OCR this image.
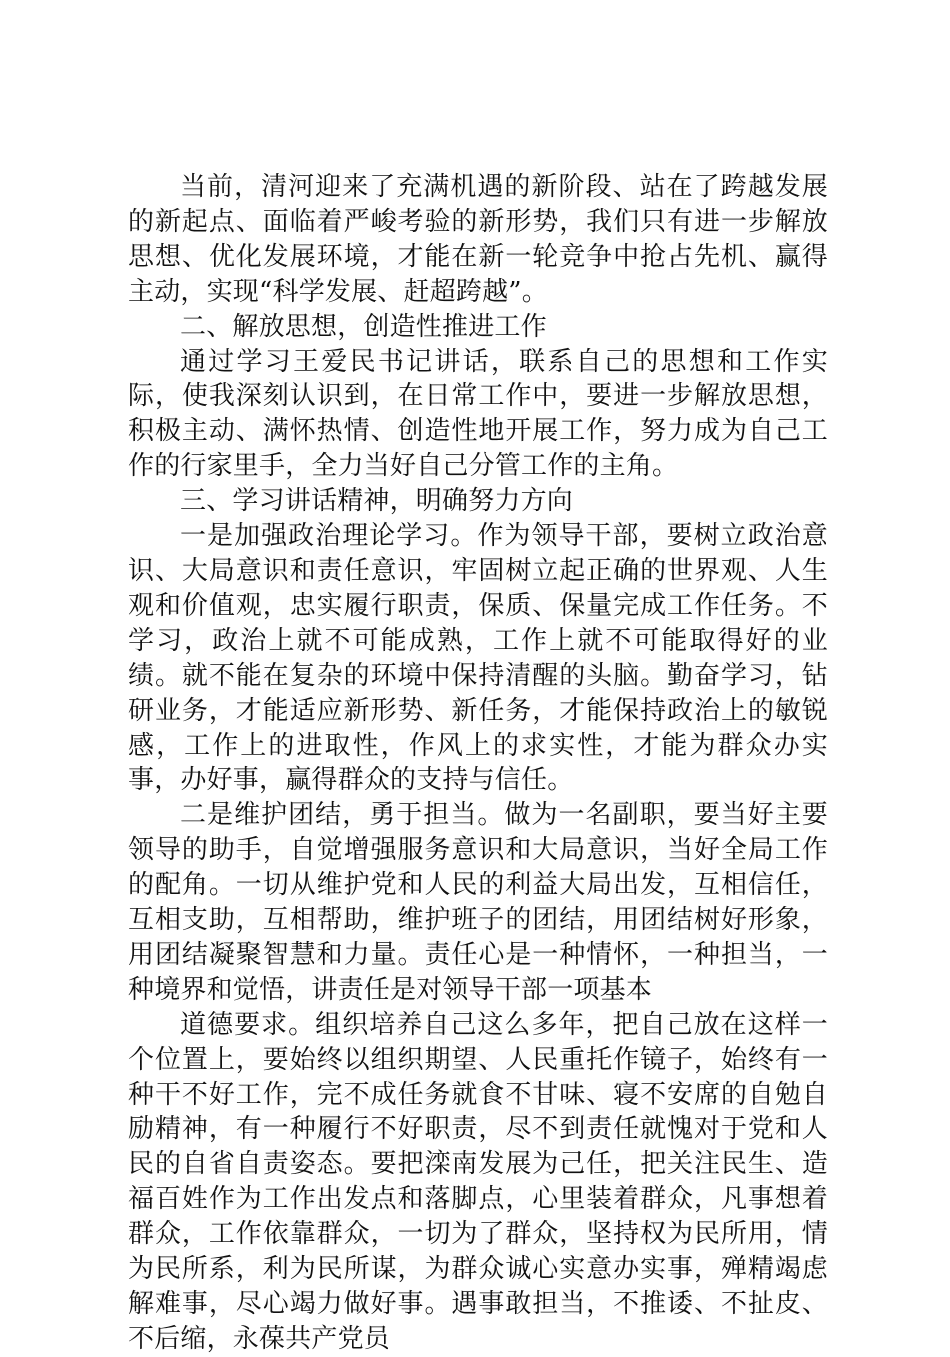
当前，清河迎来了充满机遇的新阶段、站在了跨越发展的新起点、面临着严峻考验的新形势，我们只有进一步解放思想、优化发展环境，才能在新一轮竞争中抢占先机、赢得主动，实现“科学发展、赶超跨越”。

二、解放思想，创造性推进工作

通过学习王爱民书记讲话，联系自己的思想和工作实际，使我深刻认识到，在日常工作中，要进一步解放思想，积极主动、满怀热情、创造性地开展工作，努力成为自己工作的行家里手，全力当好自己分管工作的主角。

三、学习讲话精神，明确努力方向

一是加强政治理论学习。作为领导干部，要树立政治意识、大局意识和责任意识，牢固树立起正确的世界观、人生观和价值观，忠实履行职责，保质、保量完成工作任务。不学习，政治上就不可能成熟，工作上就不可能取得好的业绩。就不能在复杂的环境中保持清醒的头脑。勤奋学习，钻研业务，才能适应新形势、新任务，才能保持政治上的敏锐感，工作上的进取性，作风上的求实性，才能为群众办实事，办好事，赢得群众的支持与信任。

二是维护团结，勇于担当。做为一名副职，要当好主要领导的助手，自觉增强服务意识和大局意识，当好全局工作的配角。一切从维护党和人民的利益大局出发，互相信任，互相支助，互相帮助，维护班子的团结，用团结树好形象，用团结凝聚智慧和力量。责任心是一种情怀，一种担当，一种境界和觉悟，讲责任是对领导干部一项基本

道德要求。组织培养自己这么多年，把自己放在这样一个位置上，要始终以组织期望、人民重托作镜子，始终有一种干不好工作，完不成任务就食不甘味、寝不安席的自勉自励精神，有一种履行不好职责，尽不到责任就愧对于党和人民的自省自责姿态。要把滦南发展为己任，把关注民生、造福百姓作为工作出发点和落脚点，心里装着群众，凡事想着群众，工作依靠群众，一切为了群众，坚持权为民所用，情为民所系，利为民所谋，为群众诚心实意办实事，殚精竭虑解难事，尽心竭力做好事。遇事敢担当，不推诿、不扯皮、不后缩，永葆共产党员
